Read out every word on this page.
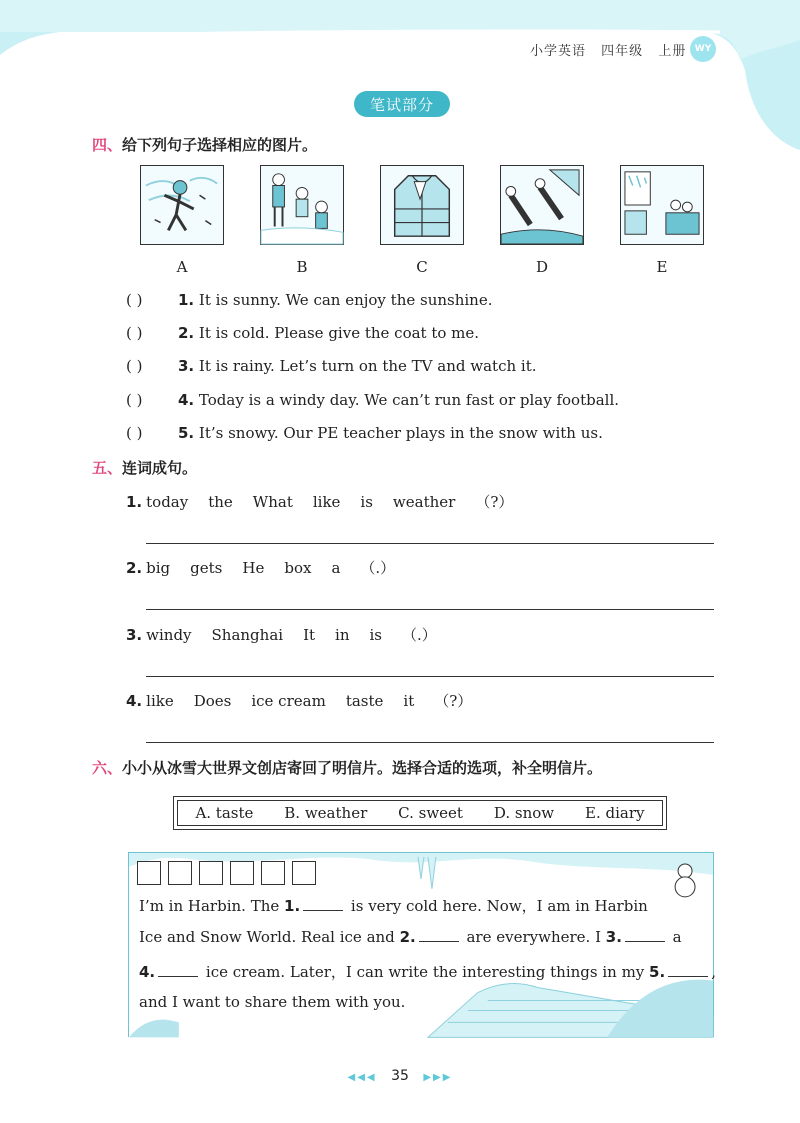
小学英语 四年级 上册 WY
笔试部分
四、给下列句子选择相应的图片。
A	B	C	D	E
( ) 1. It is sunny. We can enjoy the sunshine.
( ) 2. It is cold. Please give the coat to me.
( ) 3. It is rainy. Let’s turn on the TV and watch it.
( ) 4. Today is a windy day. We can’t run fast or play football.
( ) 5. It’s snowy. Our PE teacher plays in the snow with us.
五、连词成句。
1. today the What like is weather （?）
2. big gets He box a （.）
3. windy Shanghai It in is （.）
4. like Does ice cream taste it （?）
六、小小从冰雪大世界文创店寄回了明信片。选择合适的选项，补全明信片。
A. taste B. weather C. sweet D. snow E. diary
I’m in Harbin. The 1.	is very cold here. Now，I am in Harbin
Ice and Snow World. Real ice and 2.	are everywhere. I 3.	a
4.	ice cream. Later，I can write the interesting things in my 5.	,
and I want to share them with you.
◀◀◀ 35 ▶▶▶
